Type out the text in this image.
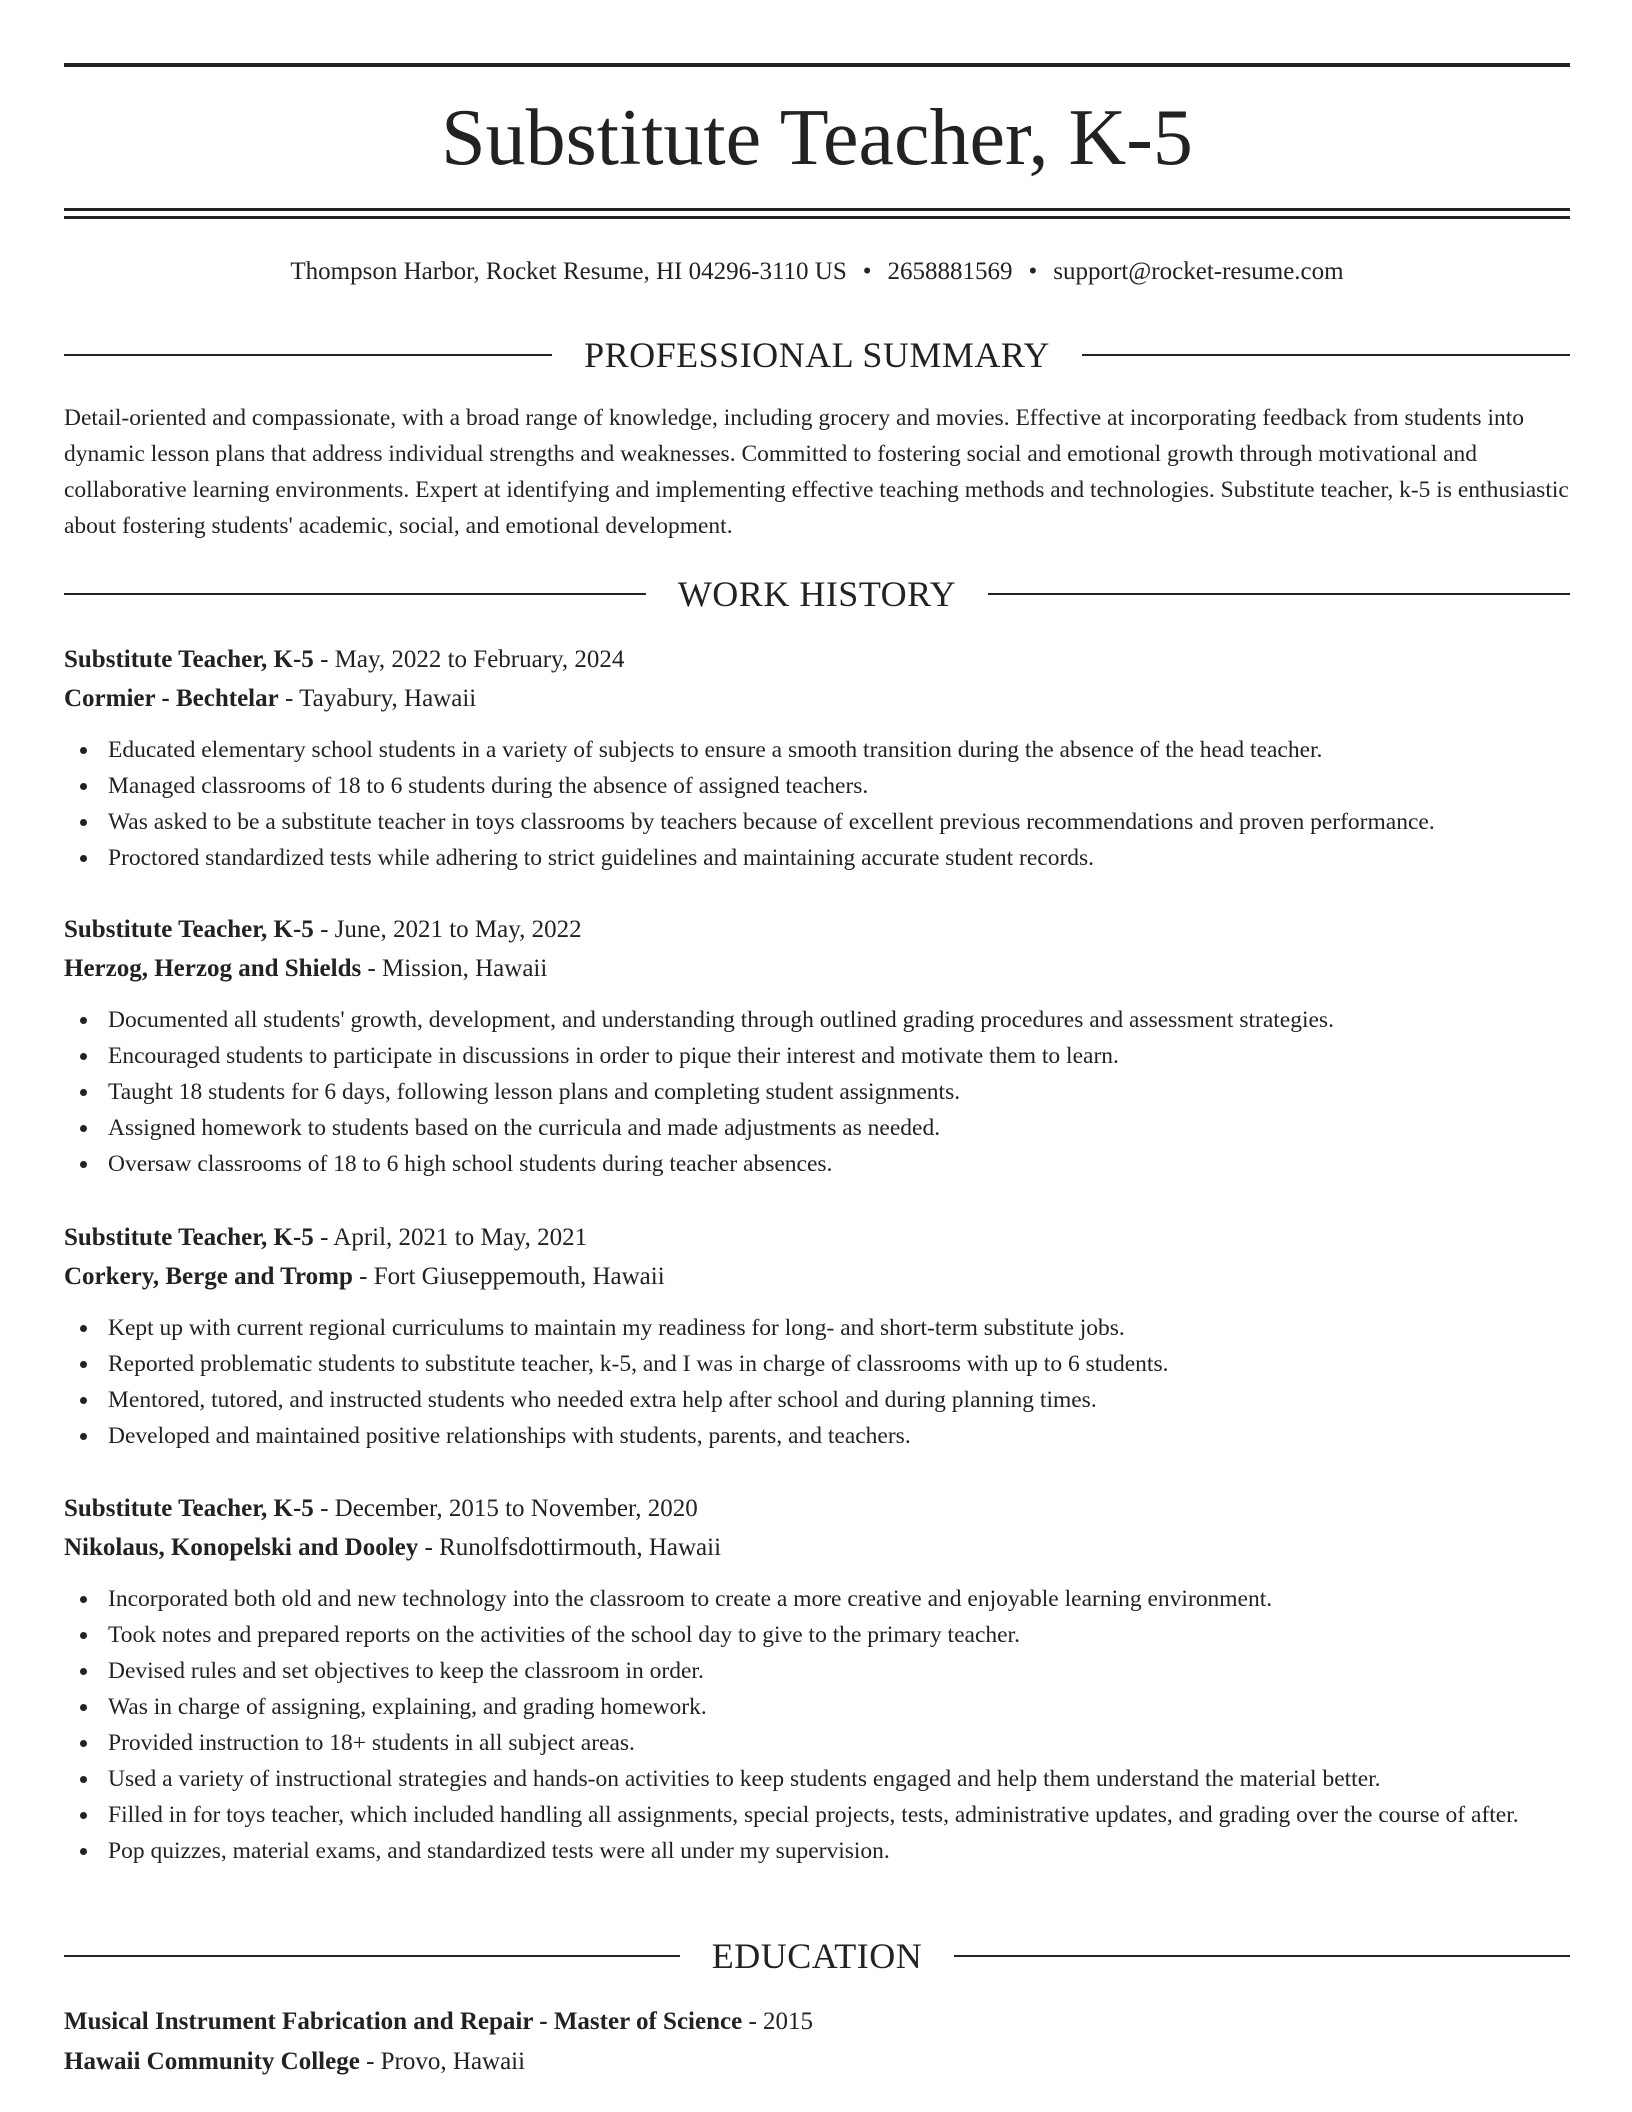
Substitute Teacher, K-5
Thompson Harbor, Rocket Resume, HI 04296-3110 US • 2658881569 • support@rocket-resume.com
PROFESSIONAL SUMMARY

Detail-oriented and compassionate, with a broad range of knowledge, including grocery and movies. Effective at incorporating feedback from students into dynamic lesson plans that address individual strengths and weaknesses. Committed to fostering social and emotional growth through motivational and collaborative learning environments. Expert at identifying and implementing effective teaching methods and technologies. Substitute teacher, k-5 is enthusiastic about fostering students' academic, social, and emotional development.

WORK HISTORY
Substitute Teacher, K-5 - May, 2022 to February, 2024
Cormier - Bechtelar - Tayabury, Hawaii
Educated elementary school students in a variety of subjects to ensure a smooth transition during the absence of the head teacher.
Managed classrooms of 18 to 6 students during the absence of assigned teachers.
Was asked to be a substitute teacher in toys classrooms by teachers because of excellent previous recommendations and proven performance.
Proctored standardized tests while adhering to strict guidelines and maintaining accurate student records.
Substitute Teacher, K-5 - June, 2021 to May, 2022
Herzog, Herzog and Shields - Mission, Hawaii
Documented all students' growth, development, and understanding through outlined grading procedures and assessment strategies.
Encouraged students to participate in discussions in order to pique their interest and motivate them to learn.
Taught 18 students for 6 days, following lesson plans and completing student assignments.
Assigned homework to students based on the curricula and made adjustments as needed.
Oversaw classrooms of 18 to 6 high school students during teacher absences.
Substitute Teacher, K-5 - April, 2021 to May, 2021
Corkery, Berge and Tromp - Fort Giuseppemouth, Hawaii
Kept up with current regional curriculums to maintain my readiness for long- and short-term substitute jobs.
Reported problematic students to substitute teacher, k-5, and I was in charge of classrooms with up to 6 students.
Mentored, tutored, and instructed students who needed extra help after school and during planning times.
Developed and maintained positive relationships with students, parents, and teachers.
Substitute Teacher, K-5 - December, 2015 to November, 2020
Nikolaus, Konopelski and Dooley - Runolfsdottirmouth, Hawaii
Incorporated both old and new technology into the classroom to create a more creative and enjoyable learning environment.
Took notes and prepared reports on the activities of the school day to give to the primary teacher.
Devised rules and set objectives to keep the classroom in order.
Was in charge of assigning, explaining, and grading homework.
Provided instruction to 18+ students in all subject areas.
Used a variety of instructional strategies and hands-on activities to keep students engaged and help them understand the material better.
Filled in for toys teacher, which included handling all assignments, special projects, tests, administrative updates, and grading over the course of after.
Pop quizzes, material exams, and standardized tests were all under my supervision.
EDUCATION
Musical Instrument Fabrication and Repair - Master of Science - 2015
Hawaii Community College - Provo, Hawaii
